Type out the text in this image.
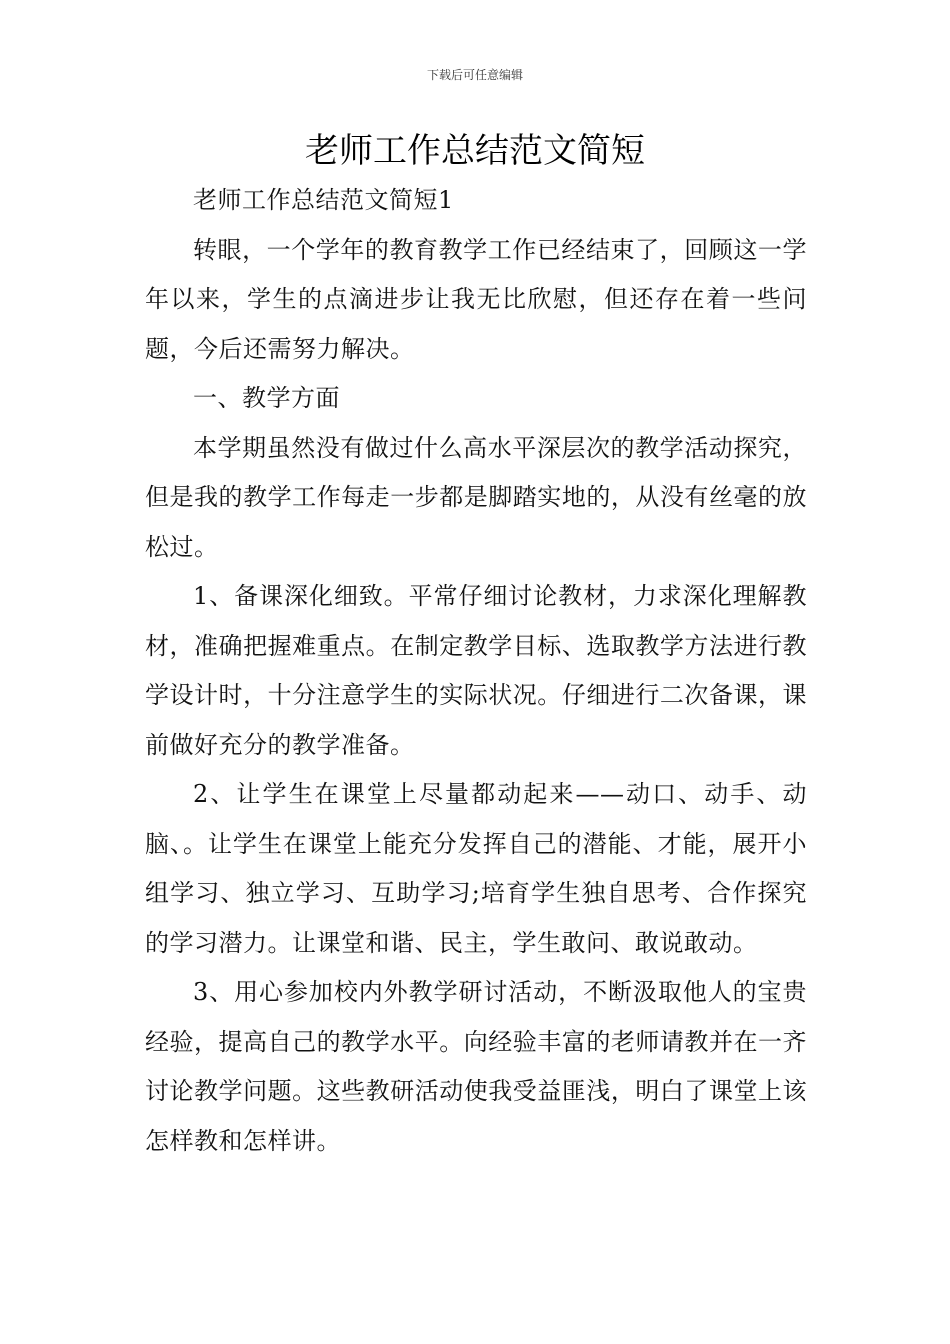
下载后可任意编辑
老师工作总结范文简短

老师工作总结范文简短1

转眼，一个学年的教育教学工作已经结束了，回顾这一学年以来，学生的点滴进步让我无比欣慰，但还存在着一些问题，今后还需努力解决。

一、教学方面

本学期虽然没有做过什么高水平深层次的教学活动探究，但是我的教学工作每走一步都是脚踏实地的，从没有丝毫的放松过。

1、备课深化细致。平常仔细讨论教材，力求深化理解教材，准确把握难重点。在制定教学目标、选取教学方法进行教学设计时，十分注意学生的实际状况。仔细进行二次备课，课前做好充分的教学准备。

2、让学生在课堂上尽量都动起来——动口、动手、动脑、。让学生在课堂上能充分发挥自己的潜能、才能，展开小组学习、独立学习、互助学习;培育学生独自思考、合作探究的学习潜力。让课堂和谐、民主，学生敢问、敢说敢动。

3、用心参加校内外教学研讨活动，不断汲取他人的宝贵经验，提高自己的教学水平。向经验丰富的老师请教并在一齐讨论教学问题。这些教研活动使我受益匪浅，明白了课堂上该怎样教和怎样讲。
